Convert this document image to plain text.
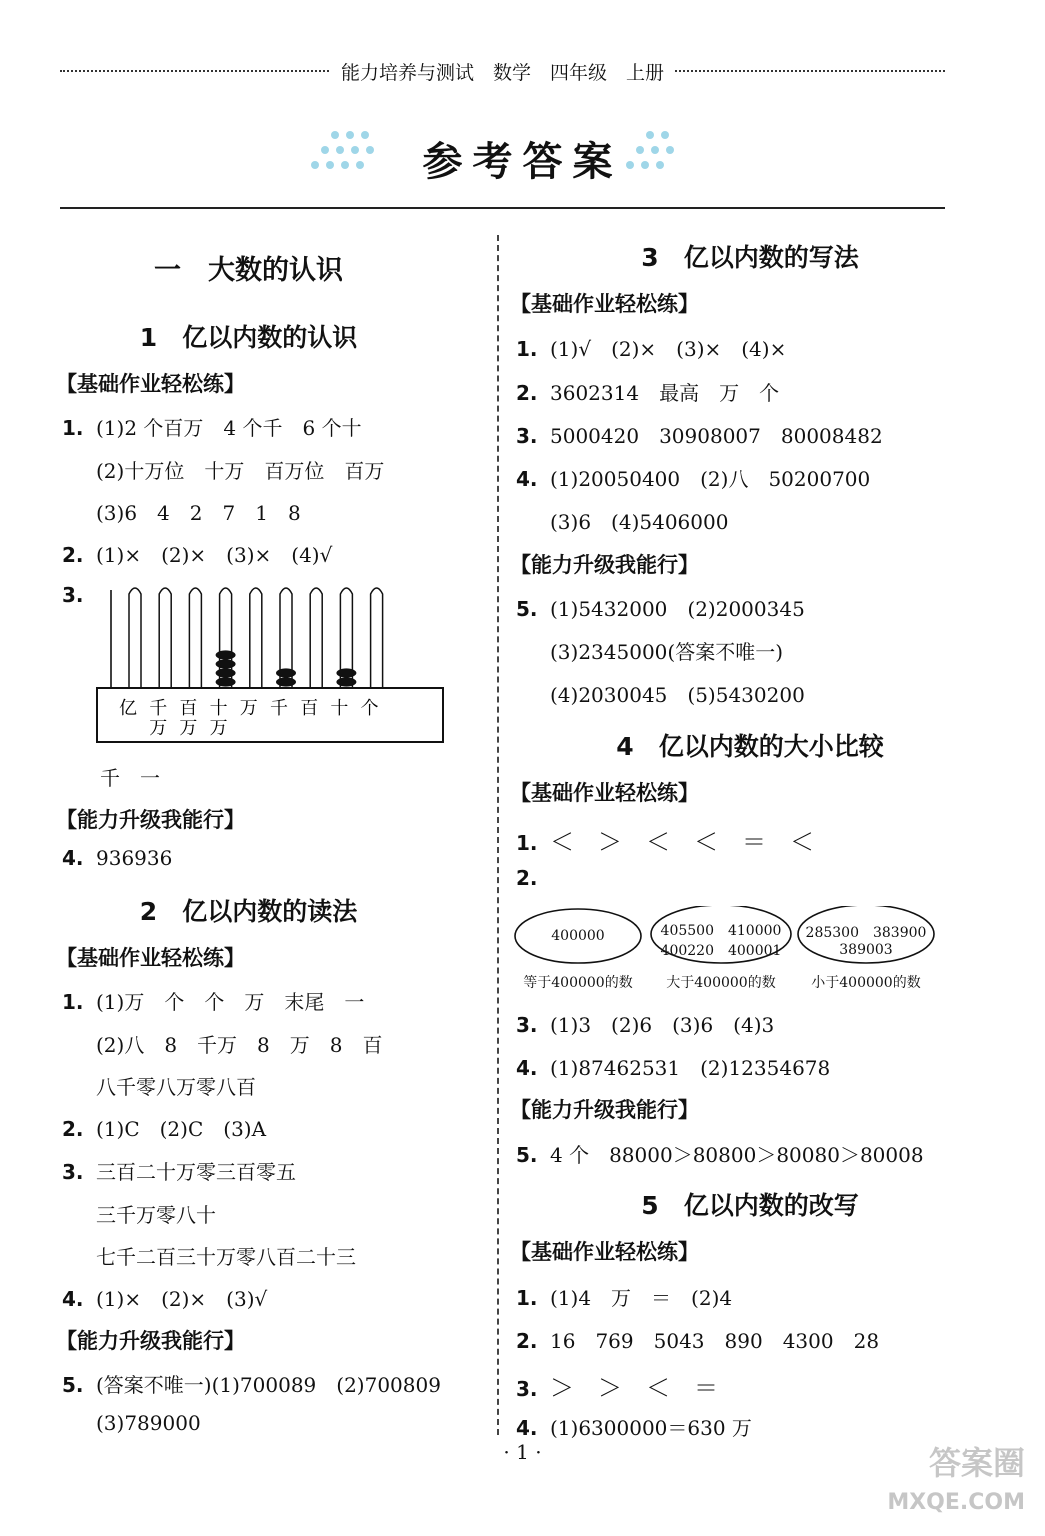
能力培养与测试　数学　四年级　上册
参考答案
一　大数的认识
1　亿以内数的认识
【基础作业轻松练】
1. (1)2 个百万　4 个千　6 个十
(2)十万位　十万　百万位　百万
(3)6　4　2　7　1　8
2. (1)×　(2)×　(3)×　(4)√
3.
亿 千 百 十 万 千 百 十 个
万 万 万
千　一
【能力升级我能行】
4. 936936
2　亿以内数的读法
【基础作业轻松练】
1. (1)万　个　个　万　末尾　一
(2)八　8　千万　8　万　8　百
八千零八万零八百
2. (1)C　(2)C　(3)A
3. 三百二十万零三百零五
三千万零八十
七千二百三十万零八百二十三
4. (1)×　(2)×　(3)√
【能力升级我能行】
5. (答案不唯一)(1)700089　(2)700809
(3)789000
3　亿以内数的写法
【基础作业轻松练】
1. (1)√　(2)×　(3)×　(4)×
2. 3602314　最高　万　个
3. 5000420　30908007　80008482
4. (1)20050400　(2)八　50200700
(3)6　(4)5406000
【能力升级我能行】
5. (1)5432000　(2)2000345
(3)2345000(答案不唯一)
(4)2030045　(5)5430200
4　亿以内数的大小比较
【基础作业轻松练】
1. ＜　＞　＜　＜　＝　＜
2.
400000	405500　410000
400220　400001
285300　383900
389003
等于400000的数	大于400000的数	小于400000的数
3. (1)3　(2)6　(3)6　(4)3
4. (1)87462531　(2)12354678
【能力升级我能行】
5. 4 个　88000＞80800＞80080＞80008
5　亿以内数的改写
【基础作业轻松练】
1. (1)4　万　＝　(2)4
2. 16　769　5043　890　4300　28
3. ＞　＞　＜　＝
4. (1)6300000＝630 万
· 1 ·	答案圈
MXQE.COM
